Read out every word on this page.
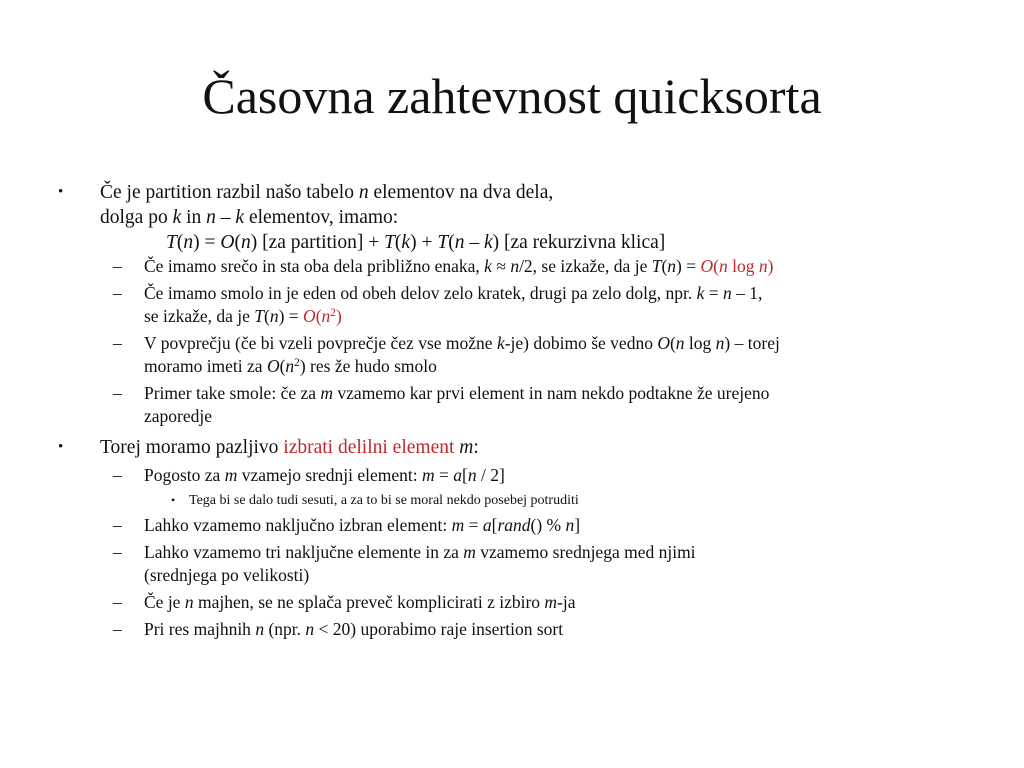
Časovna zahtevnost quicksorta
• Če je partition razbil našo tabelo n elementov na dva dela,
dolga po k in n – k elementov, imamo:
T(n) = O(n) [za partition] + T(k) + T(n – k) [za rekurzivna klica]
– Če imamo srečo in sta oba dela približno enaka, k ≈ n/2, se izkaže, da je T(n) = O(n log n)
– Če imamo smolo in je eden od obeh delov zelo kratek, drugi pa zelo dolg, npr. k = n – 1,
se izkaže, da je $T(n) = O(n^2)$
– V povprečju (če bi vzeli povprečje čez vse možne k-je) dobimo še vedno O(n log n) – torej
moramo imeti za $O(n^2)$ res že hudo smolo
– Primer take smole: če za m vzamemo kar prvi element in nam nekdo podtakne že urejeno
zaporedje
• Torej moramo pazljivo izbrati delilni element m:
– Pogosto za m vzamejo srednji element: m = a[n / 2]
• Tega bi se dalo tudi sesuti, a za to bi se moral nekdo posebej potruditi
– Lahko vzamemo naključno izbran element: m = a[rand() % n]
– Lahko vzamemo tri naključne elemente in za m vzamemo srednjega med njimi
(srednjega po velikosti)
– Če je n majhen, se ne splača preveč komplicirati z izbiro m-ja
– Pri res majhnih n (npr. n < 20) uporabimo raje insertion sort
